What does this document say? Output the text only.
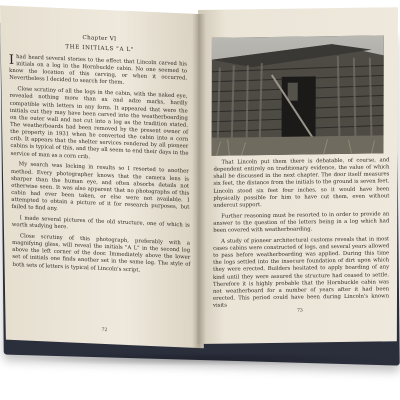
Chapter VI
THE INITIALS "A L"

Ihad heard several stories to the effect that Lincoln carved his initials on a log in the Hornbuckle cabin. No one seemed to know the location of this carving, or when it occurred. Nevertheless I decided to search for them.

Close scrutiny of all the logs in the cabin, with the naked eye, revealed nothing more than ax and adze marks, hardly compatible with letters in any form. It appeared that were the initials cut they may have been carved into the weatherboarding on the outer wall and not cut into a log as the tradition stated. The weatherboards had been removed by the present owner of the property in 1931 when he converted the cabin into a corn crib. It appears that the shelter services rendered by all pioneer cabins is typical of this, and they all seem to end their days in the service of man as a corn crib.

My search was lacking in results so I resorted to another method. Every photographer knows that the camera lens is sharper than the human eye, and often absorbs details not otherwise seen. It was also apparent that no photographs of this cabin had ever been taken, or else were not available. I attempted to obtain a picture of it for research purposes, but failed to find any.

I made several pictures of the old structure, one of which is worth studying here.

Close scrutiny of this photograph, preferably with a magnifying glass, will reveal the initials "A L" in the second log above the left corner of the door. Immediately above the lower set of initials one finds another set in the same log. The style of both sets of letters is typical of Lincoln's script.

72

That Lincoln put them there is debatable, of course, and dependent entirely on traditionary evidence, the value of which shall be discussed in the next chapter. The door itself measures six feet, the distance from the initials to the ground is seven feet. Lincoln stood six feet four inches, so it would have been physically possible for him to have cut them, even without undercut support.

Further reasoning must be resorted to in order to provide an answer to the question of the letters being in a log which had been covered with weatherboarding.

A study of pioneer architectural customs reveals that in most cases cabins were constructed of logs, and several years allowed to pass before weatherboarding was applied. During this time the logs settled into the insecure foundation of dirt upon which they were erected. Builders hesitated to apply boarding of any kind until they were assured the structure had ceased to settle. Therefore it is highly probable that the Hornbuckle cabin was not weatherboard for a number of years after it had been erected. This period could have been during Lincoln's known visits

73
